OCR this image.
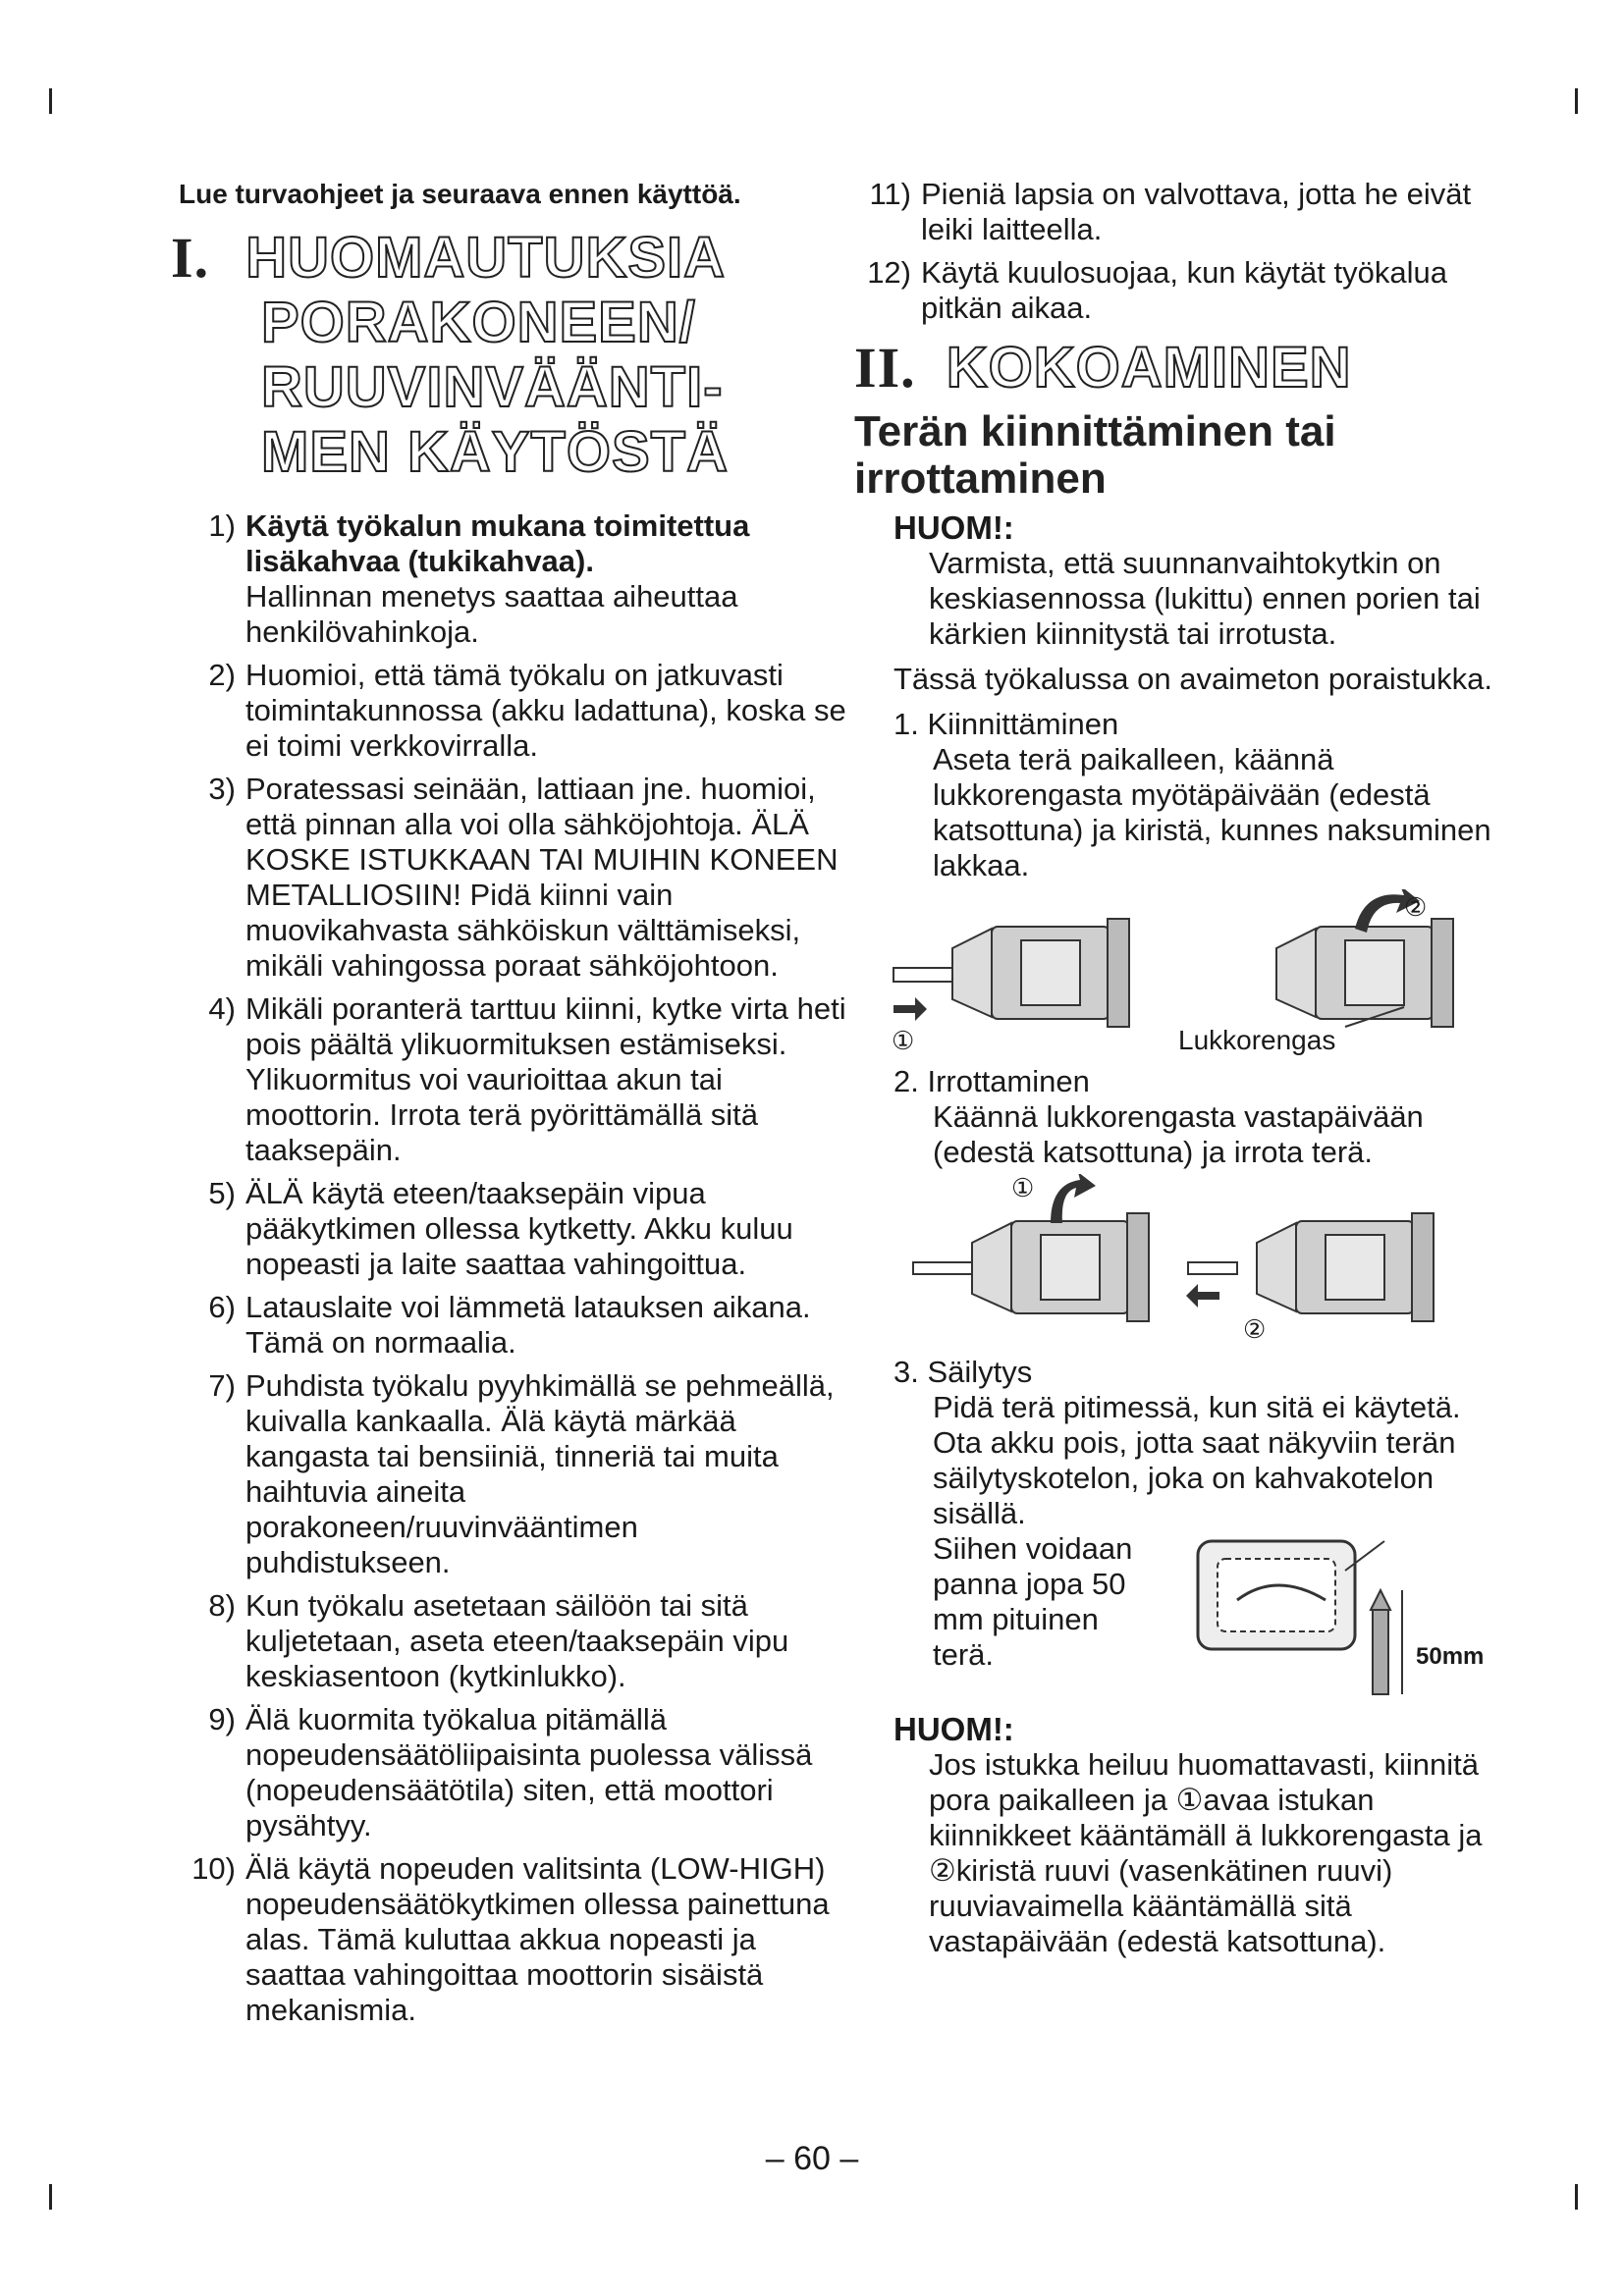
Lue turvaohjeet ja seuraava ennen käyttöä.

I. HUOMAUTUKSIA
PORAKONEEN/
RUUVINVÄÄNTI-
MEN KÄYTÖSTÄ
1) Käytä työkalun mukana toimitettua lisäkahvaa (tukikahvaa).

Hallinnan menetys saattaa aiheuttaa henkilövahinkoja.

2) Huomioi, että tämä työkalu on jatkuvasti toimintakunnossa (akku ladattuna), koska se ei toimi verkkovirralla.

3) Poratessasi seinään, lattiaan jne. huomioi, että pinnan alla voi olla sähköjohtoja. ÄLÄ KOSKE ISTUKKAAN TAI MUIHIN KONEEN METALLIOSIIN! Pidä kiinni vain muovikahvasta sähköiskun välttämiseksi, mikäli vahingossa poraat sähköjohtoon.

4) Mikäli poranterä tarttuu kiinni, kytke virta heti pois päältä ylikuormituksen estämiseksi. Ylikuormitus voi vaurioittaa akun tai moottorin. Irrota terä pyörittämällä sitä taaksepäin.

5) ÄLÄ käytä eteen/taaksepäin vipua pääkytkimen ollessa kytketty. Akku kuluu nopeasti ja laite saattaa vahingoittua.

6) Latauslaite voi lämmetä latauksen aikana. Tämä on normaalia.

7) Puhdista työkalu pyyhkimällä se pehmeällä, kuivalla kankaalla. Älä käytä märkää kangasta tai bensiiniä, tinneriä tai muita haihtuvia aineita porakoneen/ruuvinvääntimen puhdistukseen.

8) Kun työkalu asetetaan säilöön tai sitä kuljetetaan, aseta eteen/taaksepäin vipu keskiasentoon (kytkinlukko).

9) Älä kuormita työkalua pitämällä nopeudensäätöliipaisinta puolessa välissä (nopeudensäätötila) siten, että moottori pysähtyy.

10) Älä käytä nopeuden valitsinta (LOW-HIGH) nopeudensäätökytkimen ollessa painettuna alas. Tämä kuluttaa akkua nopeasti ja saattaa vahingoittaa moottorin sisäistä mekanismia.

11) Pieniä lapsia on valvottava, jotta he eivät leiki laitteella.

12) Käytä kuulosuojaa, kun käytät työkalua pitkän aikaa.

II. KOKOAMINEN

Terän kiinnittäminen tai irrottaminen

HUOM!:

Varmista, että suunnanvaihtokytkin on keskiasennossa (lukittu) ennen porien tai kärkien kiinnitystä tai irrotusta.

Tässä työkalussa on avaimeton poraistukka.

1. Kiinnittäminen

Aseta terä paikalleen, käännä lukkorengasta myötäpäivään (edestä katsottuna) ja kiristä, kunnes naksuminen lakkaa.

①
②
Lukkorengas

2. Irrottaminen

Käännä lukkorengasta vastapäivään (edestä katsottuna) ja irrota terä.

①
②

3. Säilytys

Pidä terä pitimessä, kun sitä ei käytetä. Ota akku pois, jotta saat näkyviin terän säilytyskotelon, joka on kahvakotelon sisällä.

Siihen voidaan panna jopa 50 mm pituinen terä.	50mm

HUOM!:

Jos istukka heiluu huomattavasti, kiinnitä pora paikalleen ja ①avaa istukan kiinnikkeet kääntämäll ä lukkorengasta ja ②kiristä ruuvi (vasenkätinen ruuvi) ruuviavaimella kääntämällä sitä vastapäivään (edestä katsottuna).

– 60 –
